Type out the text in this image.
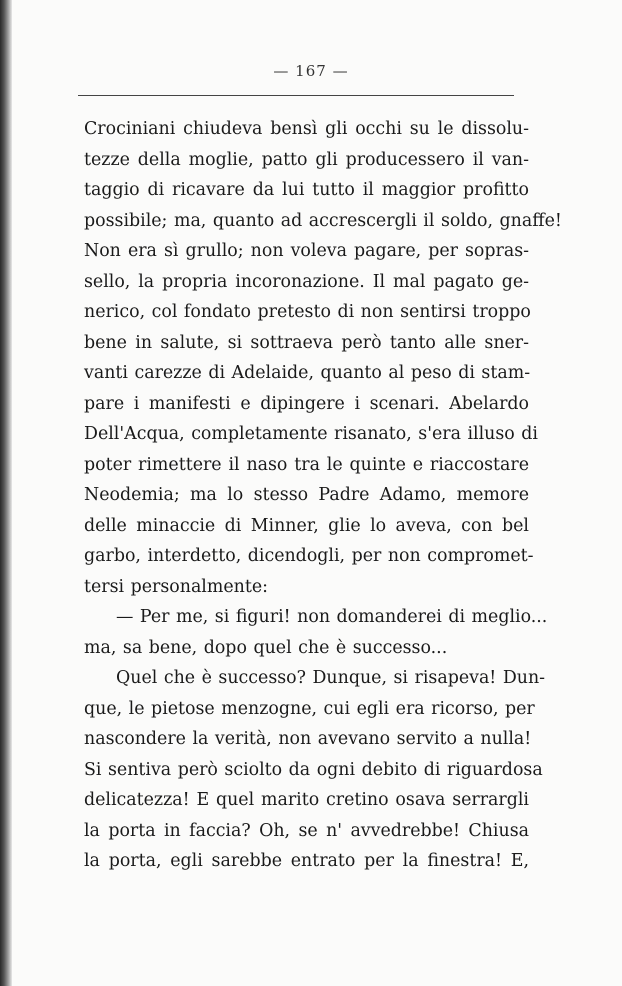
— 167 —
Crociniani chiudeva bensì gli occhi su le dissolu-
tezze della moglie, patto gli producessero il van-
taggio di ricavare da lui tutto il maggior profitto
possibile; ma, quanto ad accrescergli il soldo, gnaffe!
Non era sì grullo; non voleva pagare, per sopras-
sello, la propria incoronazione. Il mal pagato ge-
nerico, col fondato pretesto di non sentirsi troppo
bene in salute, si sottraeva però tanto alle sner-
vanti carezze di Adelaide, quanto al peso di stam-
pare i manifesti e dipingere i scenari. Abelardo
Dell'Acqua, completamente risanato, s'era illuso di
poter rimettere il naso tra le quinte e riaccostare
Neodemia; ma lo stesso Padre Adamo, memore
delle minaccie di Minner, glie lo aveva, con bel
garbo, interdetto, dicendogli, per non compromet-
tersi personalmente:
— Per me, si figuri! non domanderei di meglio...
ma, sa bene, dopo quel che è successo...
Quel che è successo? Dunque, si risapeva! Dun-
que, le pietose menzogne, cui egli era ricorso, per
nascondere la verità, non avevano servito a nulla!
Si sentiva però sciolto da ogni debito di riguardosa
delicatezza! E quel marito cretino osava serrargli
la porta in faccia? Oh, se n' avvedrebbe! Chiusa
la porta, egli sarebbe entrato per la finestra! E,
